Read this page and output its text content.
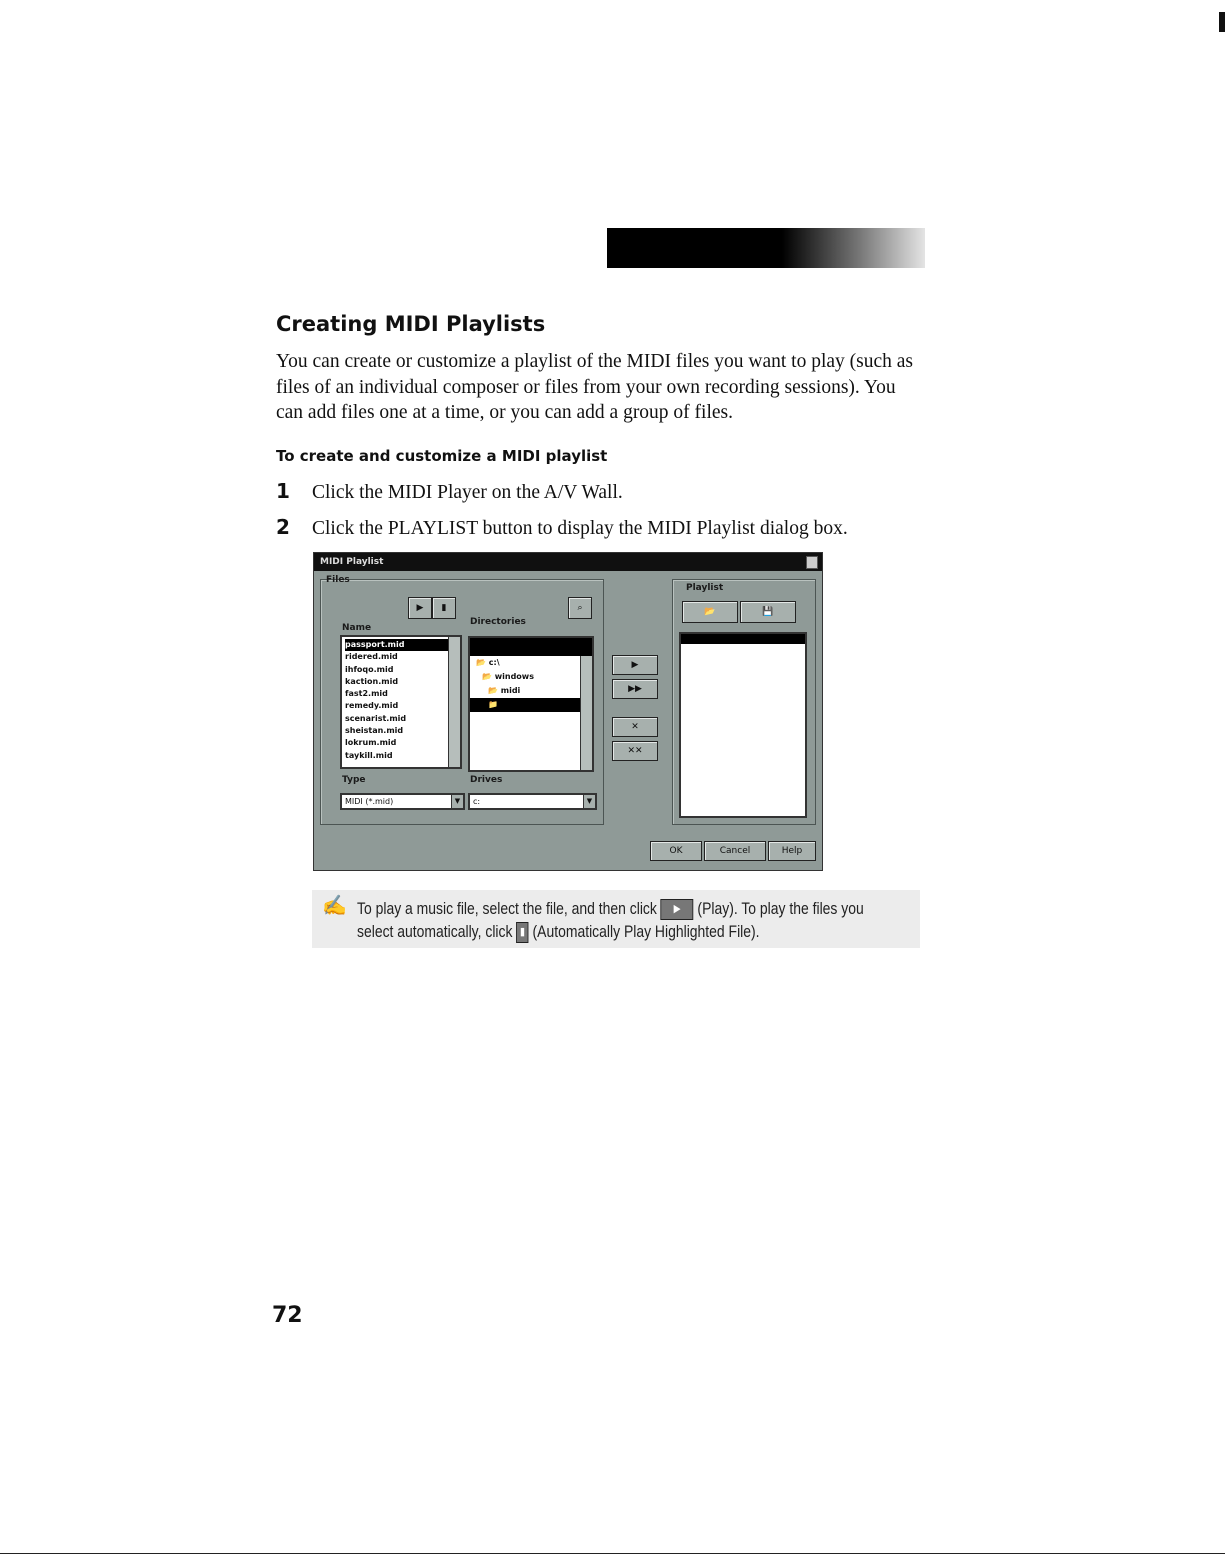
Creating MIDI Playlists

You can create or customize a playlist of the MIDI files you want to play (such as files of an individual composer or files from your own recording sessions). You can add files one at a time, or you can add a group of files.

To create and customize a MIDI playlist
1	Click the MIDI Player on the A/V Wall.
2	Click the PLAYLIST button to display the MIDI Playlist dialog box.
MIDI Playlist
Files
▶ ▮	⌕
Name
passport.mid
ridered.mid
ihfoqo.mid
kaction.mid
fast2.mid
remedy.mid
scenarist.mid
sheistan.mid
lokrum.mid
taykill.mid
Directories
📂 c:\
📂 windows
📂 midi
📁
Type
MIDI (*.mid)	▼
Drives
c:	▼
▶
▶▶
✕
✕✕
Playlist
📂	💾
OK	Cancel	Help
✍ To play a music file, select the file, and then click ▶ (Play). To play the files you
select automatically, click ▮ (Automatically Play Highlighted File).
72
